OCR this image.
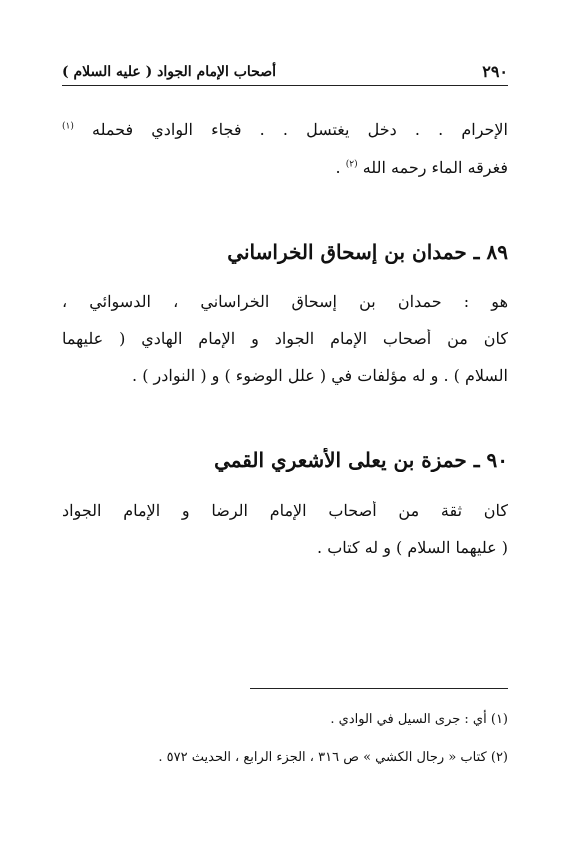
٢٩٠
أصحاب الإمام الجواد ( عليه السلام )
الإحرام . . دخل يغتسل . . فجاء الوادي فحمله $^{(١)}$
فغرقه الماء رحمه الله $^{(٢)}$ .
٨٩ ـ حمدان بن إسحاق الخراساني
هو : حمدان بن إسحاق الخراساني ، الدسوائي ،
كان من أصحاب الإمام الجواد و الإمام الهادي ( عليهما
السلام ) . و له مؤلفات في ( علل الوضوء ) و ( النوادر ) .
٩٠ ـ حمزة بن يعلى الأشعري القمي
كان ثقة من أصحاب الإمام الرضا و الإمام الجواد
( عليهما السلام ) و له كتاب .
(١) أي : جرى السيل في الوادي .
(٢) كتاب « رجال الكشي » ص ٣١٦ ، الجزء الرابع ، الحديث ٥٧٢ .
